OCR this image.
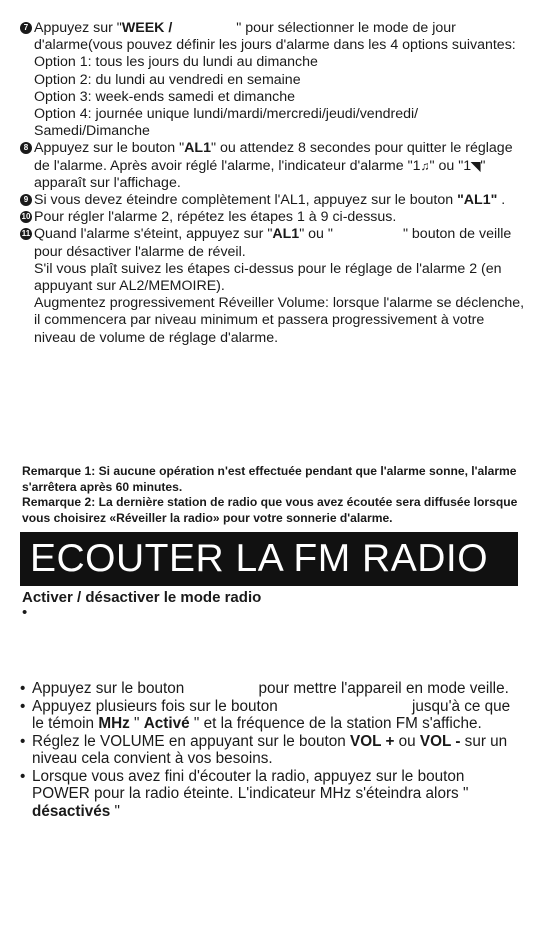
7 Appuyez sur "WEEK /	" pour sélectionner le mode de jour d'alarme(vous pouvez définir les jours d'alarme dans les 4 options suivantes:

Option 1: tous les jours du lundi au dimanche

Option 2: du lundi au vendredi en semaine

Option 3: week-ends samedi et dimanche

Option 4: journée unique lundi/mardi/mercredi/jeudi/vendredi/ Samedi/Dimanche

8 Appuyez sur le bouton "AL1" ou attendez 8 secondes pour quitter le réglage de l'alarme. Après avoir réglé l'alarme, l'indicateur d'alarme "1♫" ou "1◥" apparaît sur l'affichage.

9 Si vous devez éteindre complètement l'AL1, appuyez sur le bouton "AL1" .

10 Pour régler l'alarme 2, répétez les étapes 1 à 9 ci-dessus.

11 Quand l'alarme s'éteint, appuyez sur "AL1" ou "	" bouton de veille pour désactiver l'alarme de réveil.

S'il vous plaît suivez les étapes ci-dessus pour le réglage de l'alarme 2 (en appuyant sur AL2/MEMOIRE).

Augmentez progressivement Réveiller Volume: lorsque l'alarme se déclenche, il commencera par niveau minimum et passera progressivement à votre niveau de volume de réglage d'alarme.

Remarque 1: Si aucune opération n'est effectuée pendant que l'alarme sonne, l'alarme s'arrêtera après 60 minutes.

Remarque 2: La dernière station de radio que vous avez écoutée sera diffusée lorsque vous choisirez «Réveiller la radio» pour votre sonnerie d'alarme.

ECOUTER LA FM RADIO
Activer / désactiver le mode radio
•
• Appuyez sur le bouton	pour mettre l'appareil en mode veille.
• Appuyez plusieurs fois sur le bouton	jusqu'à ce que le témoin MHz " Activé " et la fréquence de la station FM s'affiche.
• Réglez le VOLUME en appuyant sur le bouton VOL + ou VOL - sur un niveau cela convient à vos besoins.
• Lorsque vous avez fini d'écouter la radio, appuyez sur le bouton POWER pour la radio éteinte. L'indicateur MHz s'éteindra alors " désactivés "
